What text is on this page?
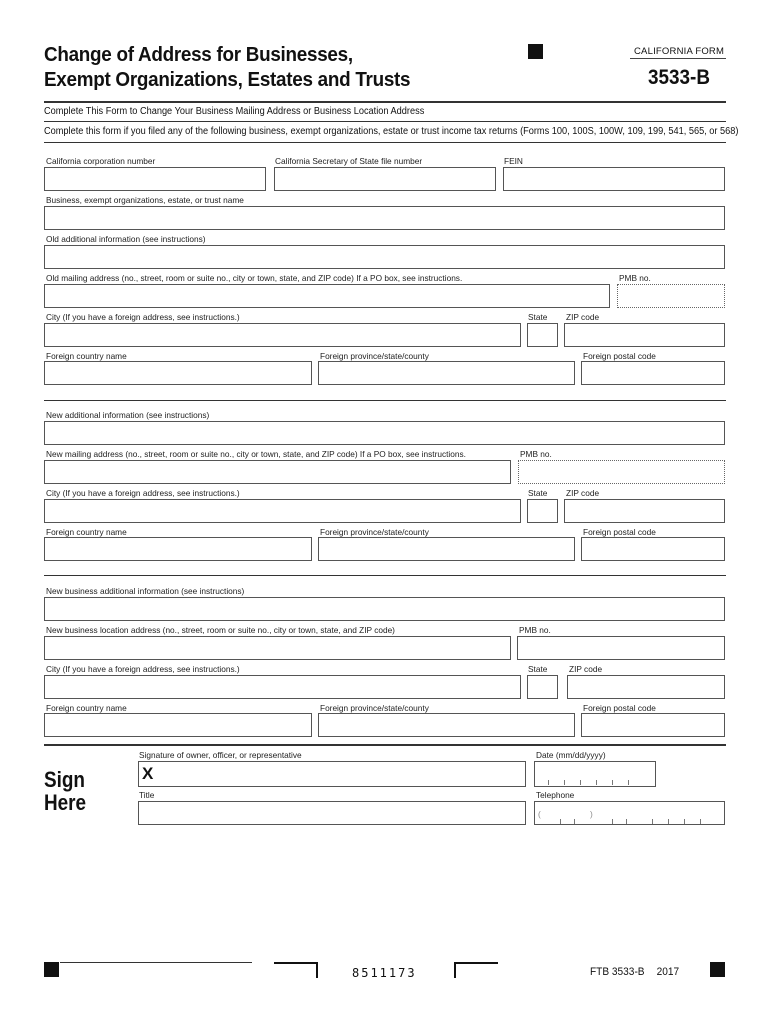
Change of Address for Businesses,
Exempt Organizations, Estates and Trusts
CALIFORNIA FORM
3533-B
Complete This Form to Change Your Business Mailing Address or Business Location Address
Complete this form if you filed any of the following business, exempt organizations, estate or trust income tax returns (Forms 100, 100S, 100W, 109, 199, 541, 565, or 568)
California corporation number	California Secretary of State file number	FEIN
Business, exempt organizations, estate, or trust name
Old additional information (see instructions)
Old mailing address (no., street, room or suite no., city or town, state, and ZIP code) If a PO box, see instructions.	PMB no.
City (If you have a foreign address, see instructions.)	State ZIP code
Foreign country name	Foreign province/state/county	Foreign postal code
New additional information (see instructions)
New mailing address (no., street, room or suite no., city or town, state, and ZIP code) If a PO box, see instructions.	PMB no.
City (If you have a foreign address, see instructions.)	State ZIP code
Foreign country name	Foreign province/state/county	Foreign postal code
New business additional information (see instructions)
New business location address (no., street, room or suite no., city or town, state, and ZIP code)	PMB no.
City (If you have a foreign address, see instructions.)	State	ZIP code
Foreign country name	Foreign province/state/county	Foreign postal code
Sign
Here
Signature of owner, officer, or representative
X
Date (mm/dd/yyyy)
Title	Telephone
(	)
8511173	FTB 3533-B 2017
